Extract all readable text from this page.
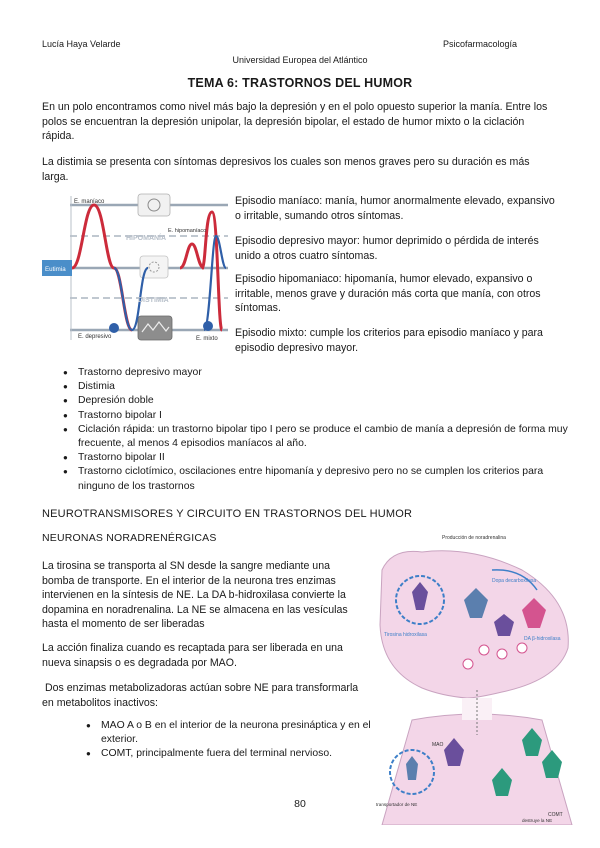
Lucía Haya Velarde	Psicofarmacología
Universidad Europea del Atlántico
TEMA 6: TRASTORNOS DEL HUMOR
En un polo encontramos como nivel más bajo la depresión y en el polo opuesto superior la manía. Entre los polos se encuentran la depresión unipolar, la depresión bipolar, el estado de humor mixto o la ciclación rápida.
La distimia se presenta con síntomas depresivos los cuales son menos graves pero su duración es más larga.
E. maníaco
E. hipomaníaco
HIPOMANÍA
Eutimia
DISTIMIA
E. depresivo	E. mixto
Episodio maníaco: manía, humor anormalmente elevado, expansivo o irritable, sumando otros síntomas.
Episodio depresivo mayor: humor deprimido o pérdida de interés unido a otros cuatro síntomas.
Episodio hipomaniaco: hipomanía, humor elevado, expansivo o irritable, menos grave y duración más corta que manía, con otros síntomas.
Episodio mixto: cumple los criterios para episodio maníaco y para episodio depresivo mayor.
● Trastorno depresivo mayor
● Distimia
● Depresión doble
● Trastorno bipolar I
● Ciclación rápida: un trastorno bipolar tipo I pero se produce el cambio de manía a depresión de forma muy frecuente, al menos 4 episodios maníacos al año.
● Trastorno bipolar II
● Trastorno ciclotímico, oscilaciones entre hipomanía y depresivo pero no se cumplen los criterios para ninguno de los trastornos
NEUROTRANSMISORES Y CIRCUITO EN TRASTORNOS DEL HUMOR
NEURONAS NORADRENÉRGICAS
La tirosina se transporta al SN desde la sangre mediante una bomba de transporte. En el interior de la neurona tres enzimas intervienen en la síntesis de NE. La DA b-hidroxilasa convierte la dopamina en noradrenalina. La NE se almacena en las vesículas hasta el momento de ser liberadas
La acción finaliza cuando es recaptada para ser liberada en una nueva sinapsis o es degradada por MAO.
Dos enzimas metabolizadoras actúan sobre NE para transformarla en metabolitos inactivos:
● MAO A o B en el interior de la neurona presináptica y en el exterior.
● COMT, principalmente fuera del terminal nervioso.
Producción de noradrenalina
Dopa decarboxilasa
Tirosina hidroxilasa
DA β-hidroxilasa
MAO
COMT
transportador de NE
destruye la NE
80
